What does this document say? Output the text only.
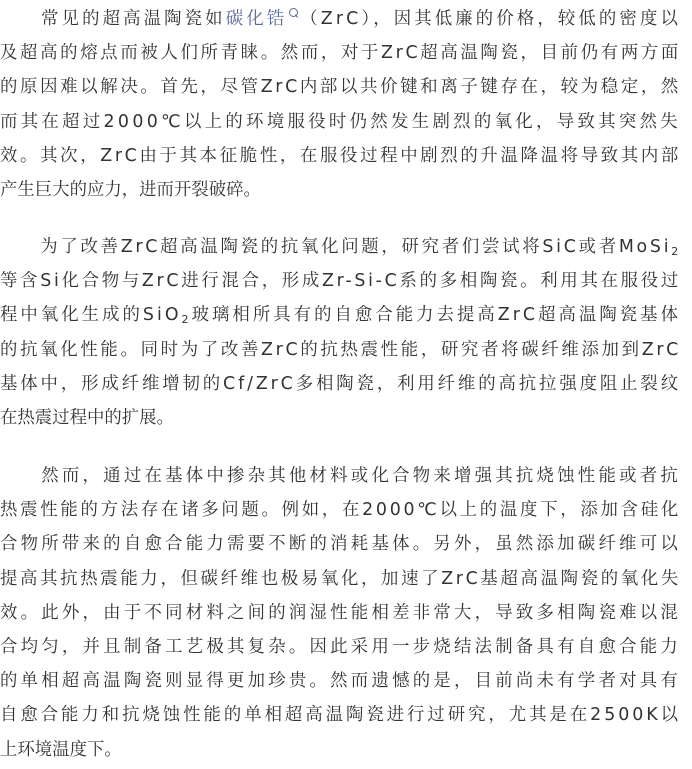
　　常见的超高温陶瓷如碳化锆 （ZrC），因其低廉的价格，较低的密度以
及超高的熔点而被人们所青睐。然而，对于ZrC超高温陶瓷，目前仍有两方面
的原因难以解决。首先，尽管ZrC内部以共价键和离子键存在，较为稳定，然
而其在超过2000℃以上的环境服役时仍然发生剧烈的氧化，导致其突然失
效。其次，ZrC由于其本征脆性，在服役过程中剧烈的升温降温将导致其内部
产生巨大的应力，进而开裂破碎。
　　为了改善ZrC超高温陶瓷的抗氧化问题，研究者们尝试将SiC或者MoSi$_2$
等含Si化合物与ZrC进行混合，形成Zr-Si-C系的多相陶瓷。利用其在服役过
程中氧化生成的SiO$_2$玻璃相所具有的自愈合能力去提高ZrC超高温陶瓷基体
的抗氧化性能。同时为了改善ZrC的抗热震性能，研究者将碳纤维添加到ZrC
基体中，形成纤维增韧的Cf/ZrC多相陶瓷，利用纤维的高抗拉强度阻止裂纹
在热震过程中的扩展。
　　然而，通过在基体中掺杂其他材料或化合物来增强其抗烧蚀性能或者抗
热震性能的方法存在诸多问题。例如，在2000℃以上的温度下，添加含硅化
合物所带来的自愈合能力需要不断的消耗基体。另外，虽然添加碳纤维可以
提高其抗热震能力，但碳纤维也极易氧化，加速了ZrC基超高温陶瓷的氧化失
效。此外，由于不同材料之间的润湿性能相差非常大，导致多相陶瓷难以混
合均匀，并且制备工艺极其复杂。因此采用一步烧结法制备具有自愈合能力
的单相超高温陶瓷则显得更加珍贵。然而遗憾的是，目前尚未有学者对具有
自愈合能力和抗烧蚀性能的单相超高温陶瓷进行过研究，尤其是在2500K以
上环境温度下。
